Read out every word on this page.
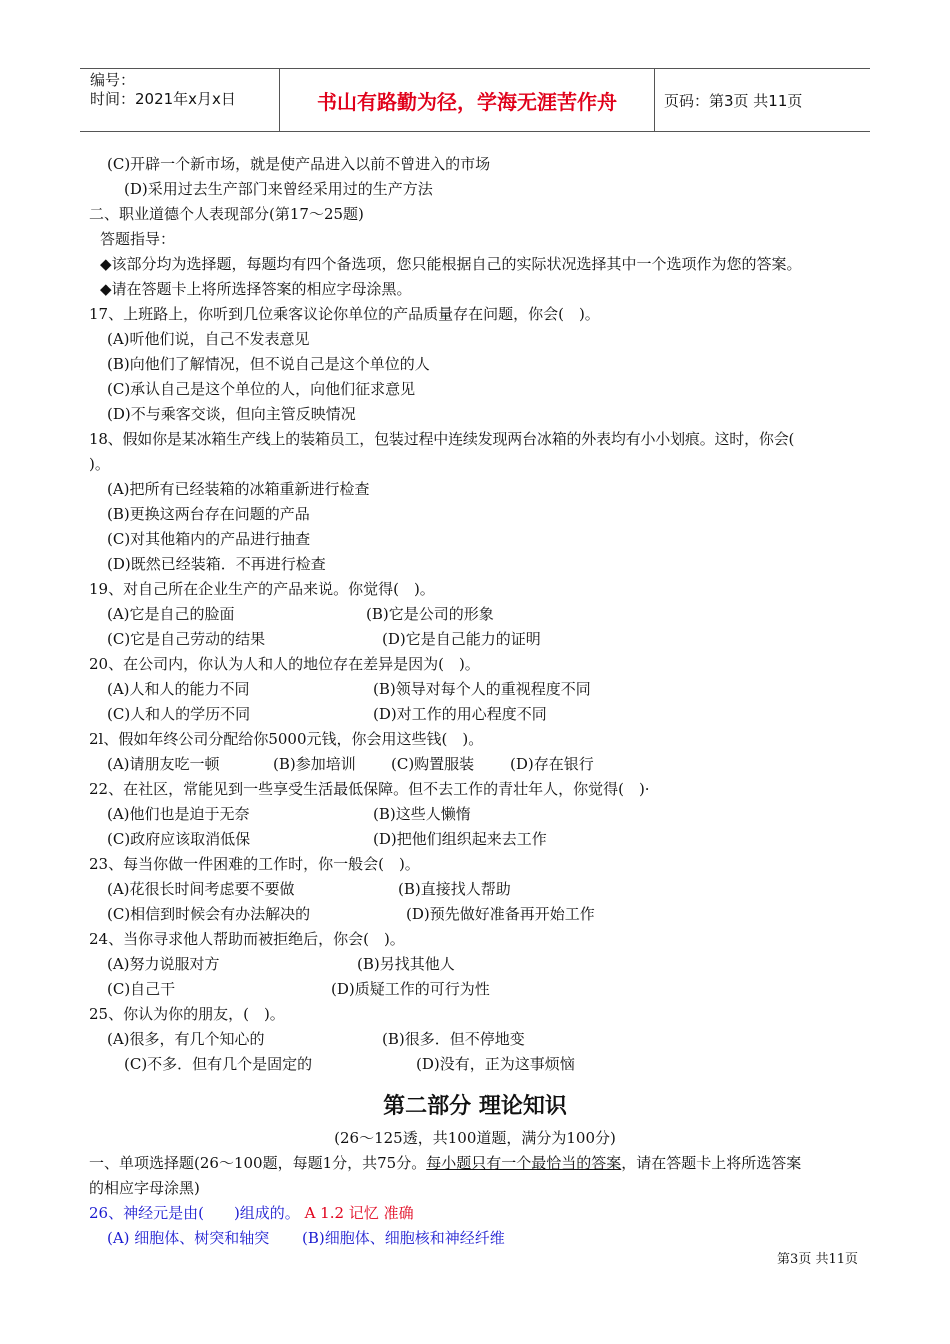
编号：
时间：2021年x月x日	书山有路勤为径，学海无涯苦作舟	页码：第3页 共11页
(C)开辟一个新市场，就是使产品进入以前不曾进入的市场
(D)采用过去生产部门来曾经采用过的生产方法
二、职业道德个人表现部分(第17～25题)
答题指导：
◆该部分均为选择题，每题均有四个备选项，您只能根据自己的实际状况选择其中一个选项作为您的答案。
◆请在答题卡上将所选择答案的相应字母涂黑。
17、上班路上，你听到几位乘客议论你单位的产品质量存在问题，你会(　)。
(A)听他们说，自己不发表意见
(B)向他们了解情况，但不说自己是这个单位的人
(C)承认自己是这个单位的人，向他们征求意见
(D)不与乘客交谈，但向主管反映情况
18、假如你是某冰箱生产线上的装箱员工，包装过程中连续发现两台冰箱的外表均有小小划痕。这时，你会(
)。
(A)把所有已经装箱的冰箱重新进行检查
(B)更换这两台存在问题的产品
(C)对其他箱内的产品进行抽查
(D)既然已经装箱．不再进行检查
19、对自己所在企业生产的产品来说。你觉得(　)。
(A)它是自己的脸面	(B)它是公司的形象
(C)它是自己劳动的结果	(D)它是自己能力的证明
20、在公司内，你认为人和人的地位存在差异是因为(　)。
(A)人和人的能力不同	(B)领导对每个人的重视程度不同
(C)人和人的学历不同	(D)对工作的用心程度不同
2l、假如年终公司分配给你5000元钱，你会用这些钱(　)。
(A)请朋友吃一顿	(B)参加培训 (C)购置服装 (D)存在银行
22、在社区，常能见到一些享受生活最低保障。但不去工作的青壮年人，你觉得(　)·
(A)他们也是迫于无奈	(B)这些人懒惰
(C)政府应该取消低保	(D)把他们组织起来去工作
23、每当你做一件困难的工作时，你一般会(　)。
(A)花很长时间考虑要不要做	(B)直接找人帮助
(C)相信到时候会有办法解决的	(D)预先做好准备再开始工作
24、当你寻求他人帮助而被拒绝后，你会(　)。
(A)努力说服对方	(B)另找其他人
(C)自己干	(D)质疑工作的可行为性
25、你认为你的朋友，(　)。
(A)很多，有几个知心的	(B)很多．但不停地变
(C)不多．但有几个是固定的	(D)没有，正为这事烦恼
第二部分 理论知识
(26～125透，共100道题，满分为100分)
一、单项选择题(26～100题，每题1分，共75分。每小题只有一个最恰当的答案，请在答题卡上将所选答案
的相应字母涂黑)
26、神经元是由(　　)组成的。 A 1.2 记忆 准确
(A) 细胞体、树突和轴突 (B)细胞体、细胞核和神经纤维
第3页 共11页
